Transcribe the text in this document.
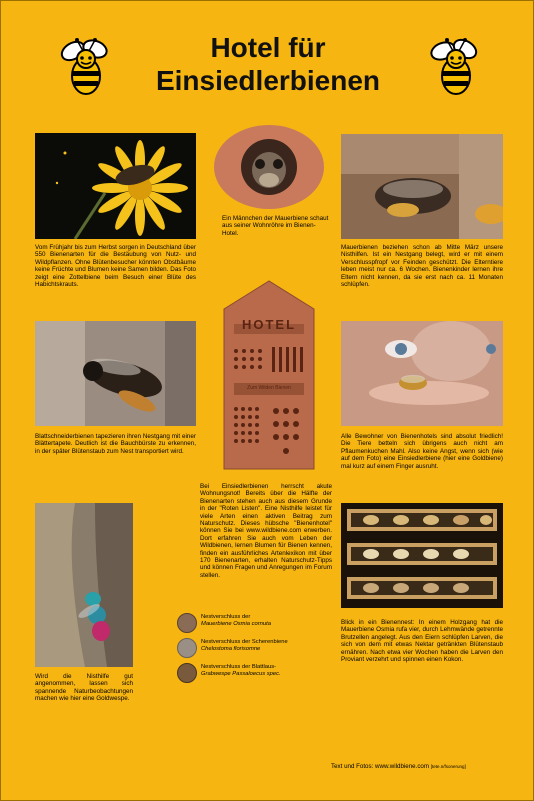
Hotel für
Einsiedlerbienen
Ein Männchen der Mauerbiene schaut aus seiner Wohnröhre im Bienen-Hotel.
Vom Frühjahr bis zum Herbst sorgen in Deutschland über 550 Bienenarten für die Bestäubung von Nutz- und Wildpflanzen. Ohne Blütenbesucher könnten Obstbäume keine Früchte und Blumen keine Samen bilden. Das Foto zeigt eine Zottelbiene beim Besuch einer Blüte des Habichtskrauts.
Mauerbienen beziehen schon ab Mitte März unsere Nisthilfen. Ist ein Nestgang belegt, wird er mit einem Verschlusspfropf vor Feinden geschützt. Die Elterntiere leben meist nur ca. 6 Wochen. Bienenkinder lernen ihre Eltern nicht kennen, da sie erst nach ca. 11 Monaten schlüpfen.
HOTEL
Zum Wilden Bienen
Blattschneiderbienen tapezieren ihren Nestgang mit einer Blättertapete. Deutlich ist die Bauchbürste zu erkennen, in der später Blütenstaub zum Nest transportiert wird.
Alle Bewohner von Bienenhotels sind absolut friedlich! Die Tiere betteln sich übrigens auch nicht am Pflaumenkuchen Mahl. Also keine Angst, wenn sich (wie auf dem Foto) eine Einsiedlerbiene (hier eine Goldbiene) mal kurz auf einem Finger ausruht.
Bei Einsiedlerbienen herrscht akute Wohnungsnot! Bereits über die Hälfte der Bienenarten stehen auch aus diesem Grunde in der "Roten Listen". Eine Nisthilfe leistet für viele Arten einen aktiven Beitrag zum Naturschutz. Dieses hübsche "Bienenhotel" können Sie bei www.wildbiene.com erwerben. Dort erfahren Sie auch vom Leben der Wildbienen, lernen Blumen für Bienen kennen, finden ein ausführliches Artenlexikon mit über 170 Bienenarten, erhalten Naturschutz-Tipps und können Fragen und Anregungen im Forum stellen.
Nestverschluss der
Mauerbiene Osmia cornuta
Nestverschluss der Scherenbiene
Chelostoma florisomne
Nestverschluss der Blattlaus-
Grabwespe Passaloecus spec.
Blick in ein Bienennest: In einem Holzgang hat die Mauerbiene Osmia rufa vier, durch Lehmwände getrennte Brutzellen angelegt. Aus den Eiern schlüpfen Larven, die sich von dem mit etwas Nektar getränkten Blütenstaub ernähren. Nach etwa vier Wochen haben die Larven den Proviant verzehrt und spinnen einen Kokon.
Wird die Nisthilfe gut angenommen, lassen sich spannende Naturbeobachtungen machen wie hier eine Goldwespe.
Text und Fotos: www.wildbiene.com [tete.n/fsonerung]
